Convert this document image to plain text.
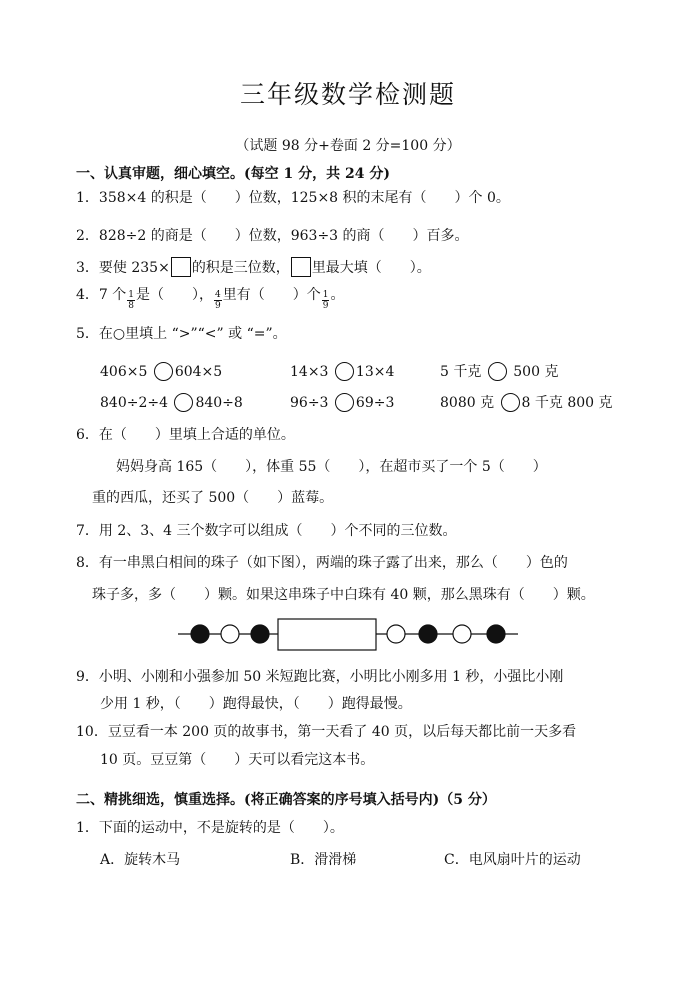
三年级数学检测题
（试题 98 分+卷面 2 分=100 分）
一、认真审题，细心填空。(每空 1 分，共 24 分)
1．358×4 的积是（　　）位数，125×8 积的末尾有（　　）个 0。
2．828÷2 的商是（　　）位数，963÷3 的商（　　）百多。
3．要使 235× 的积是三位数， 里最大填（　　）。
4．7 个 $\frac{1}{8}$ 是（　　）， $\frac{4}{9}$ 里有（　　）个 $\frac{1}{9}$ 。
5．在○里填上 “>”“<” 或 “=”。
406×5 604×5	14×3 13×4	5 千克 500 克
840÷2÷4 840÷8	96÷3 69÷3	8080 克 8 千克 800 克
6．在（　　）里填上合适的单位。
妈妈身高 165（　　），体重 55（　　），在超市买了一个 5（　　）
重的西瓜，还买了 500（　　）蓝莓。
7．用 2、3、4 三个数字可以组成（　　）个不同的三位数。
8．有一串黑白相间的珠子（如下图），两端的珠子露了出来，那么（　　）色的
珠子多，多（　　）颗。如果这串珠子中白珠有 40 颗，那么黑珠有（　　）颗。
9．小明、小刚和小强参加 50 米短跑比赛，小明比小刚多用 1 秒，小强比小刚
少用 1 秒，（　　）跑得最快，（　　）跑得最慢。
10．豆豆看一本 200 页的故事书，第一天看了 40 页，以后每天都比前一天多看
10 页。豆豆第（　　）天可以看完这本书。
二、精挑细选，慎重选择。(将正确答案的序号填入括号内)（5 分）
1．下面的运动中，不是旋转的是（　　）。
A．旋转木马	B．滑滑梯	C．电风扇叶片的运动
